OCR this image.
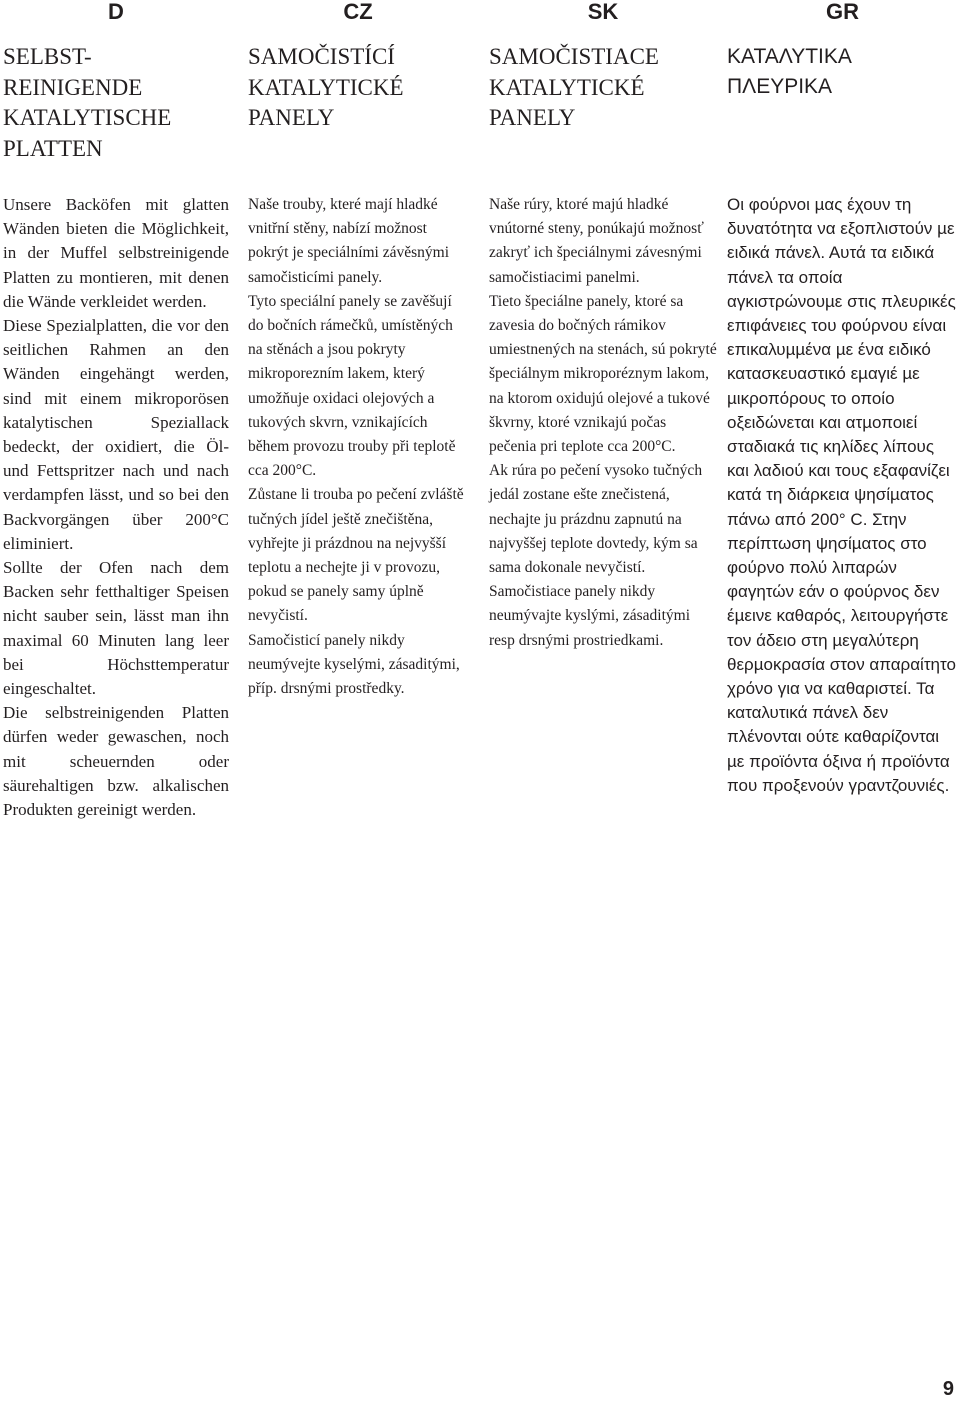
D
SELBST-
REINIGENDE
KATALYTISCHE
PLATTEN

Unsere Backöfen mit glatten Wänden bieten die Möglichkeit, in der Muffel selbstreinigende Platten zu montieren, mit denen die Wände verkleidet werden.

Diese Spezialplatten, die vor den seitlichen Rahmen an den Wänden eingehängt werden, sind mit einem mikroporösen katalytischen Speziallack bedeckt, der oxidiert, die Öl- und Fettspritzer nach und nach verdampfen lässt, und so bei den Backvorgängen über 200°C eliminiert.

Sollte der Ofen nach dem Backen sehr fetthaltiger Speisen nicht sauber sein, lässt man ihn maximal 60 Minuten lang leer bei Höchsttemperatur eingeschaltet.

Die selbstreinigenden Platten dürfen weder gewaschen, noch mit scheuernden oder säurehaltigen bzw. alkalischen Produkten gereinigt werden.

CZ
SAMOČISTÍCÍ
KATALYTICKÉ
PANELY

Naše trouby, které mají hladké vnitřní stěny, nabízí možnost pokrýt je speciálními závěsnými samočisticími panely.

Tyto speciální panely se zavěšují do bočních rámečků, umístěných na stěnách a jsou pokryty mikroporezním lakem, který umožňuje oxidaci olejových a tukových skvrn, vznikajících během provozu trouby při teplotě cca 200°C.

Zůstane li trouba po pečení zvláště tučných jídel ještě znečištěna, vyhřejte ji prázdnou na nejvyšší teplotu a nechejte ji v provozu, pokud se panely samy úplně nevyčistí.

Samočisticí panely nikdy neumývejte kyselými, zásaditými, příp. drsnými prostředky.

SK
SAMOČISTIACE
KATALYTICKÉ
PANELY

Naše rúry, ktoré majú hladké vnútorné steny, ponúkajú možnosť zakryť ich špeciálnymi závesnými samočistiacimi panelmi.

Tieto špeciálne panely, ktoré sa zavesia do bočných rámikov umiestnených na stenách, sú pokryté špeciálnym mikroporéznym lakom, na ktorom oxidujú olejové a tukové škvrny, ktoré vznikajú počas pečenia pri teplote cca 200°C.

Ak rúra po pečení vysoko tučných jedál zostane ešte znečistená, nechajte ju prázdnu zapnutú na najvyššej teplote dovtedy, kým sa sama dokonale nevyčistí.

Samočistiace panely nikdy neumývajte kyslými, zásaditými resp drsnými prostriedkami.

GR
ΚΑΤΑΛΥΤΙΚΑ
ΠΛΕΥΡΙΚΑ

Οι φούρνοι µας έχουν τη δυνατότητα να εξοπλιστούν µε ειδικά πάνελ. Αυτά τα ειδικά πάνελ τα οποία αγκιστρώνουµε στις πλευρικές επιφάνειες του φούρνου είναι επικαλυµµένα µε ένα ειδικό κατασκευαστικό εµαγιέ µε µικροπόρους το οποίο οξειδώνεται και ατµοποιεί σταδιακά τις κηλίδες λίπους και λαδιού και τους εξαφανίζει κατά τη διάρκεια ψησίµατος πάνω από 200° C. Στην περίπτωση ψησίµατος στο φούρνο πολύ λιπαρών φαγητών εάν ο φούρνος δεν έµεινε καθαρός, λειτουργήστε τον άδειο στη µεγαλύτερη θερµοκρασία στον απαραίτητο χρόνο για να καθαριστεί. Τα καταλυτικά πάνελ δεν πλένονται ούτε καθαρίζονται µε προϊόντα όξινα ή προϊόντα που προξενούν γραντζουνιές.

9
